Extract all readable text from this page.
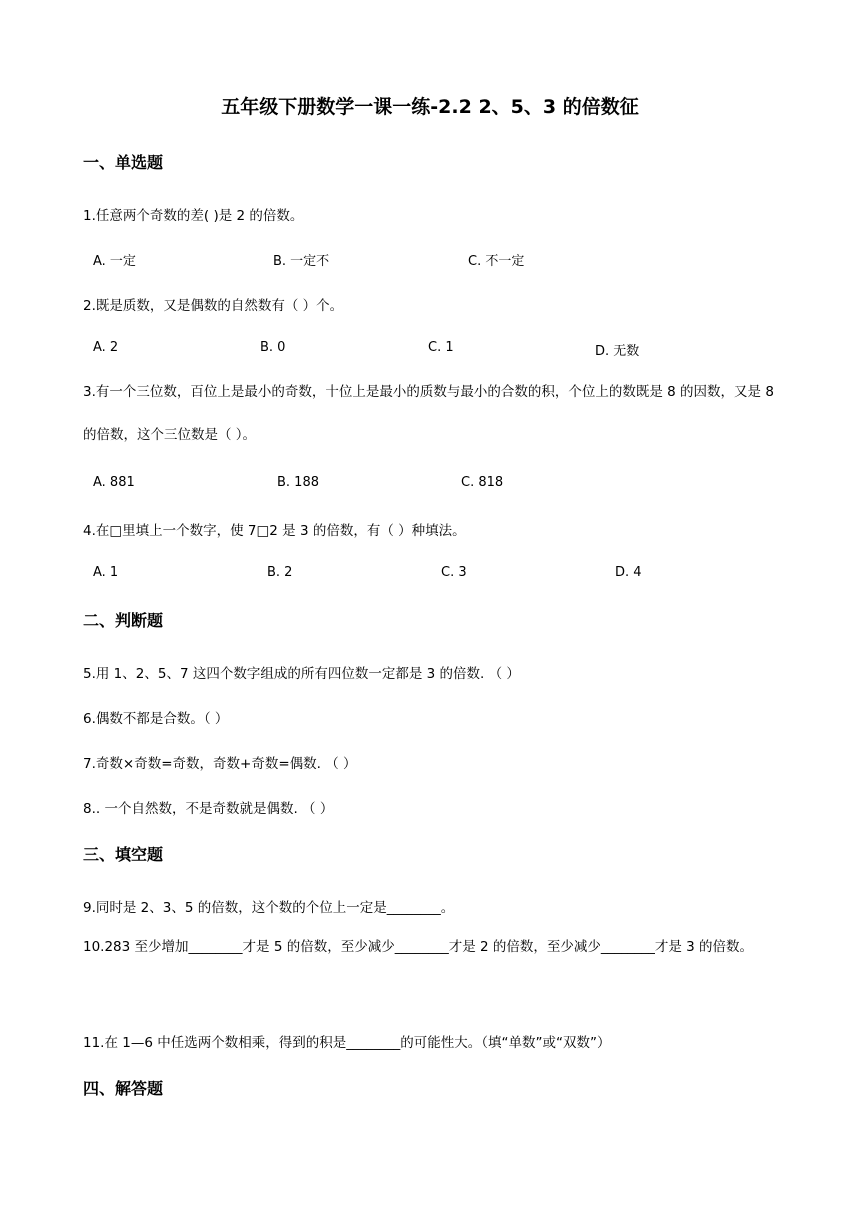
五年级下册数学一课一练-2.2 2、5、3 的倍数征
一、单选题
1.任意两个奇数的差( )是 2 的倍数。
A. 一定	B. 一定不	C. 不一定
2.既是质数，又是偶数的自然数有（ ）个。
A. 2	B. 0	C. 1	D. 无数
3.有一个三位数，百位上是最小的奇数，十位上是最小的质数与最小的合数的积，个位上的数既是 8 的因数，又是 8 的倍数，这个三位数是（ ）。
A. 881	B. 188	C. 818
4.在□里填上一个数字，使 7□2 是 3 的倍数，有（ ）种填法。
A. 1	B. 2	C. 3	D. 4
二、判断题
5.用 1、2、5、7 这四个数字组成的所有四位数一定都是 3 的倍数. （ ）
6.偶数不都是合数。（ ）
7.奇数×奇数=奇数，奇数+奇数=偶数. （ ）
8.. 一个自然数，不是奇数就是偶数. （ ）
三、填空题
9.同时是 2、3、5 的倍数，这个数的个位上一定是________。
10.283 至少增加________才是 5 的倍数，至少减少________才是 2 的倍数，至少减少________才是 3 的倍数。
11.在 1—6 中任选两个数相乘，得到的积是________的可能性大。（填“单数”或“双数”）
四、解答题
